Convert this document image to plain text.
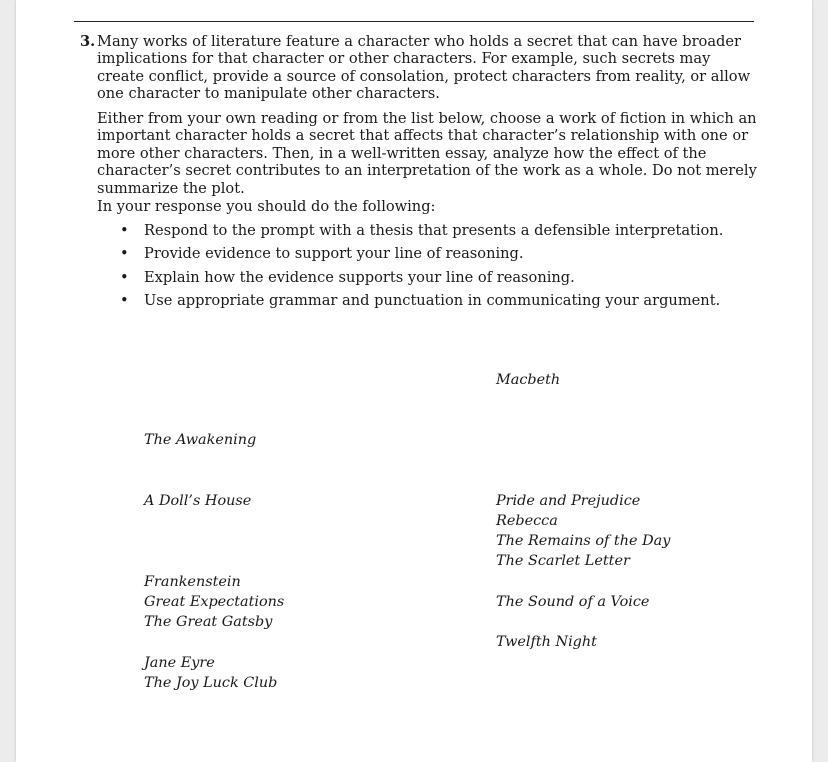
3. Many works of literature feature a character who holds a secret that can have broader implications for that character or other characters. For example, such secrets may create conflict, provide a source of consolation, protect characters from reality, or allow one character to manipulate other characters.

Either from your own reading or from the list below, choose a work of fiction in which an important character holds a secret that affects that character’s relationship with one or more other characters. Then, in a well-written essay, analyze how the effect of the character’s secret contributes to an interpretation of the work as a whole. Do not merely summarize the plot.

In your response you should do the following:

• Respond to the prompt with a thesis that presents a defensible interpretation.
• Provide evidence to support your line of reasoning.
• Explain how the evidence supports your line of reasoning.
• Use appropriate grammar and punctuation in communicating your argument.
The Awakening
A Doll’s House
Frankenstein
Great Expectations
The Great Gatsby
Jane Eyre
The Joy Luck Club
Macbeth
Pride and Prejudice
Rebecca
The Remains of the Day
The Scarlet Letter
The Sound of a Voice
Twelfth Night
